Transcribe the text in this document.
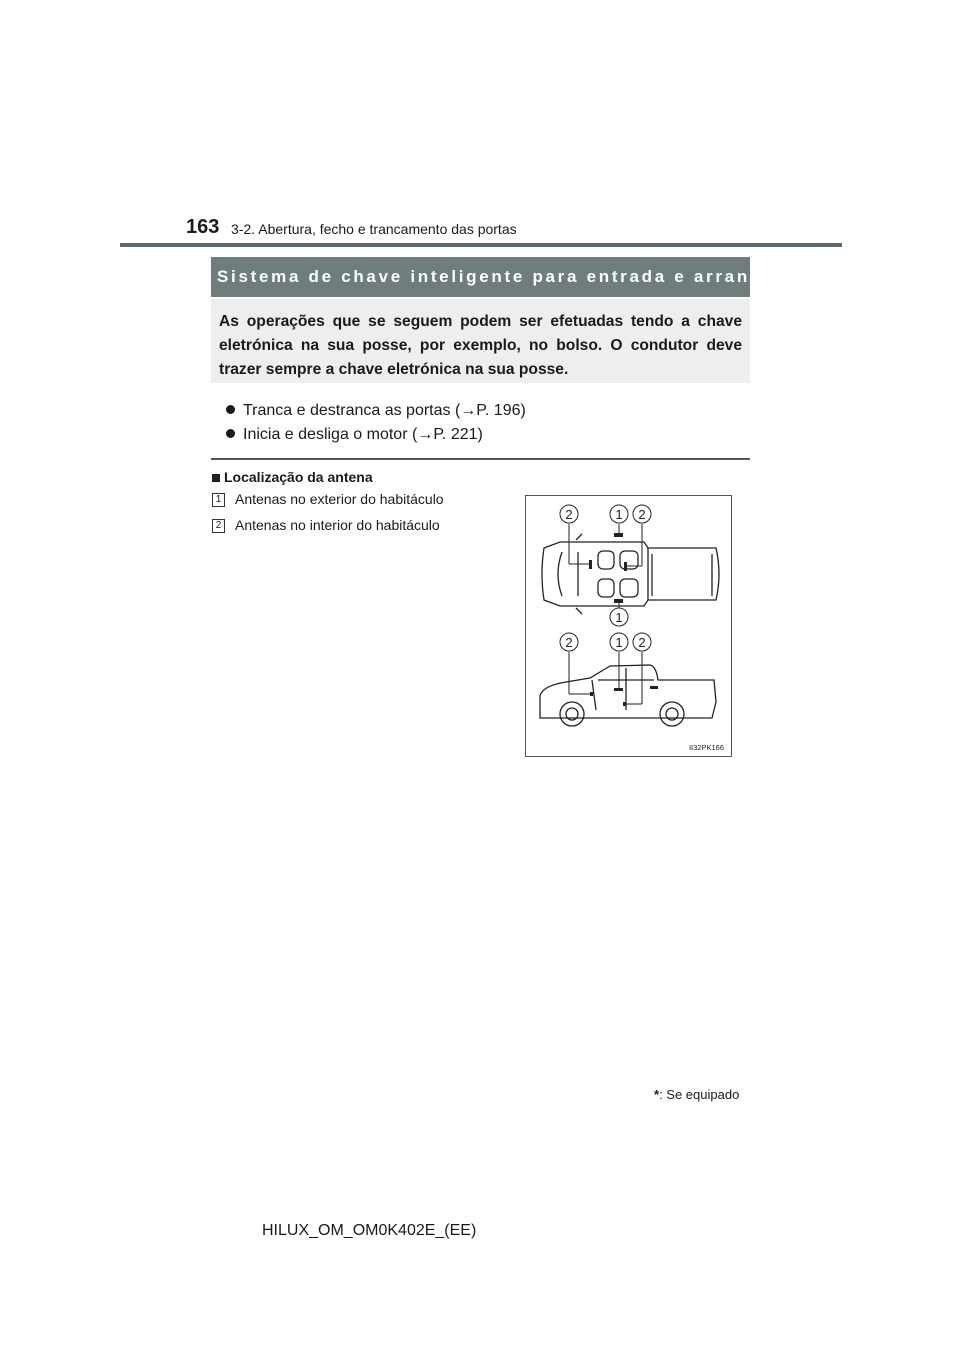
163 3-2. Abertura, fecho e trancamento das portas
Sistema de chave inteligente para entrada e arranque*
As operações que se seguem podem ser efetuadas tendo a chave eletrónica na sua posse, por exemplo, no bolso. O condutor deve trazer sempre a chave eletrónica na sua posse.
Tranca e destranca as portas (→P. 196)
Inicia e desliga o motor (→P. 221)
Localização da antena
1 Antenas no exterior do habitáculo
2 Antenas no interior do habitáculo
2	1 2
1
2	1 2
II32PK166
*: Se equipado
HILUX_OM_OM0K402E_(EE)
